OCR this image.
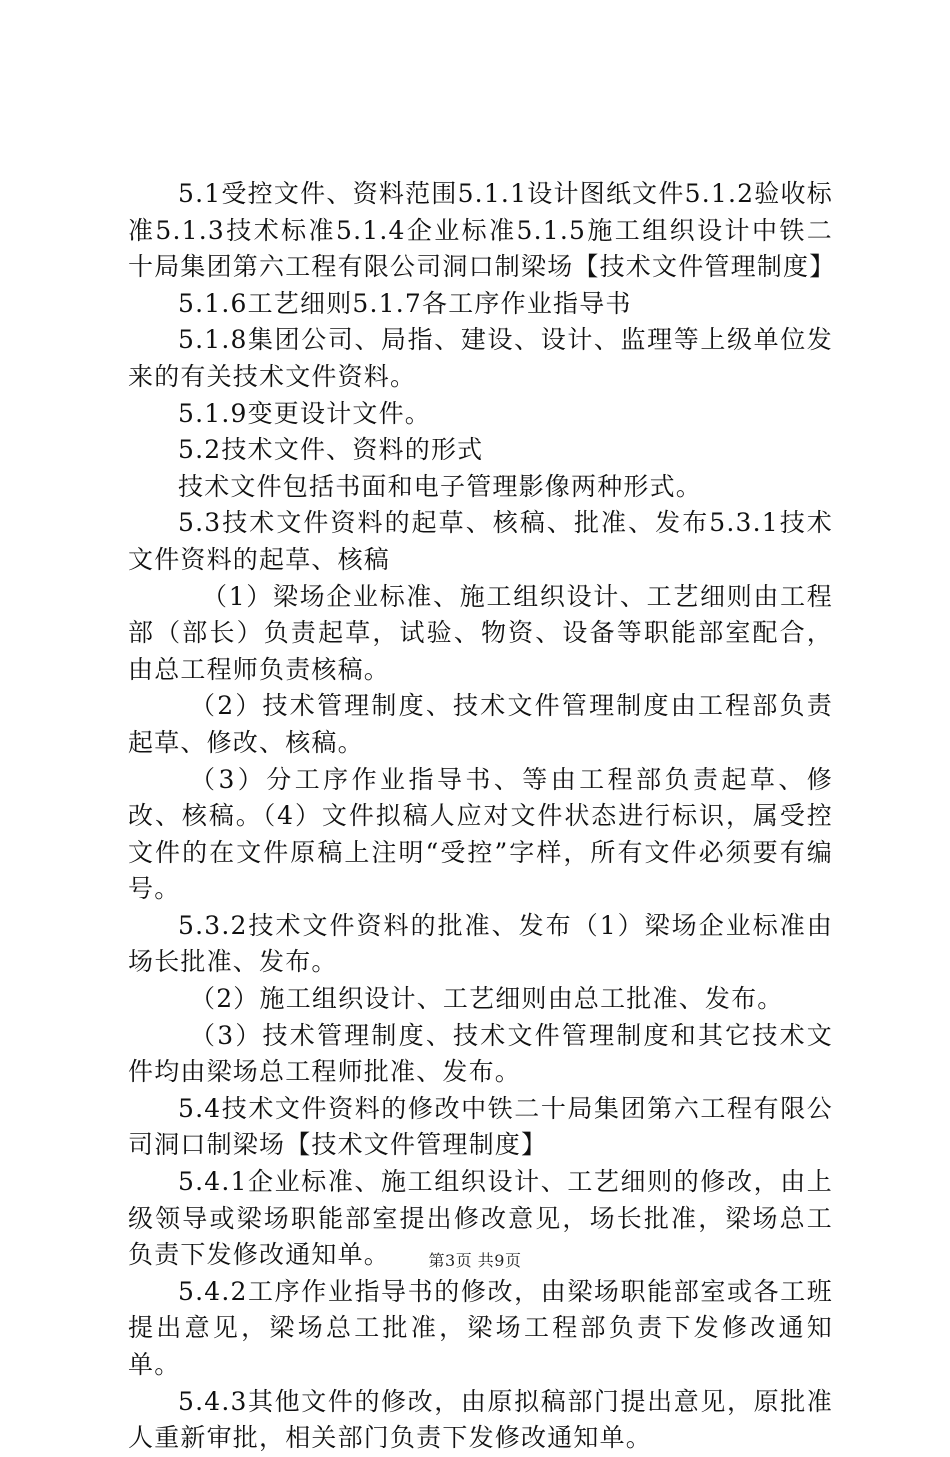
5.1受控文件、资料范围5.1.1设计图纸文件5.1.2验收标准5.1.3技术标准5.1.4企业标准5.1.5施工组织设计中铁二十局集团第六工程有限公司洞口制梁场【技术文件管理制度】

5.1.6工艺细则5.1.7各工序作业指导书

5.1.8集团公司、局指、建设、设计、监理等上级单位发来的有关技术文件资料。

5.1.9变更设计文件。

5.2技术文件、资料的形式

技术文件包括书面和电子管理影像两种形式。

5.3技术文件资料的起草、核稿、批准、发布5.3.1技术文件资料的起草、核稿

（1）梁场企业标准、施工组织设计、工艺细则由工程部（部长）负责起草，试验、物资、设备等职能部室配合，由总工程师负责核稿。

（2）技术管理制度、技术文件管理制度由工程部负责起草、修改、核稿。

（3）分工序作业指导书、等由工程部负责起草、修改、核稿。（4）文件拟稿人应对文件状态进行标识，属受控文件的在文件原稿上注明“受控”字样，所有文件必须要有编号。

5.3.2技术文件资料的批准、发布（1）梁场企业标准由场长批准、发布。

（2）施工组织设计、工艺细则由总工批准、发布。

（3）技术管理制度、技术文件管理制度和其它技术文件均由梁场总工程师批准、发布。

5.4技术文件资料的修改中铁二十局集团第六工程有限公司洞口制梁场【技术文件管理制度】

5.4.1企业标准、施工组织设计、工艺细则的修改，由上级领导或梁场职能部室提出修改意见，场长批准，梁场总工负责下发修改通知单。

5.4.2工序作业指导书的修改，由梁场职能部室或各工班提出意见，梁场总工批准，梁场工程部负责下发修改通知单。

5.4.3其他文件的修改，由原拟稿部门提出意见，原批准人重新审批，相关部门负责下发修改通知单。

第3页 共9页
